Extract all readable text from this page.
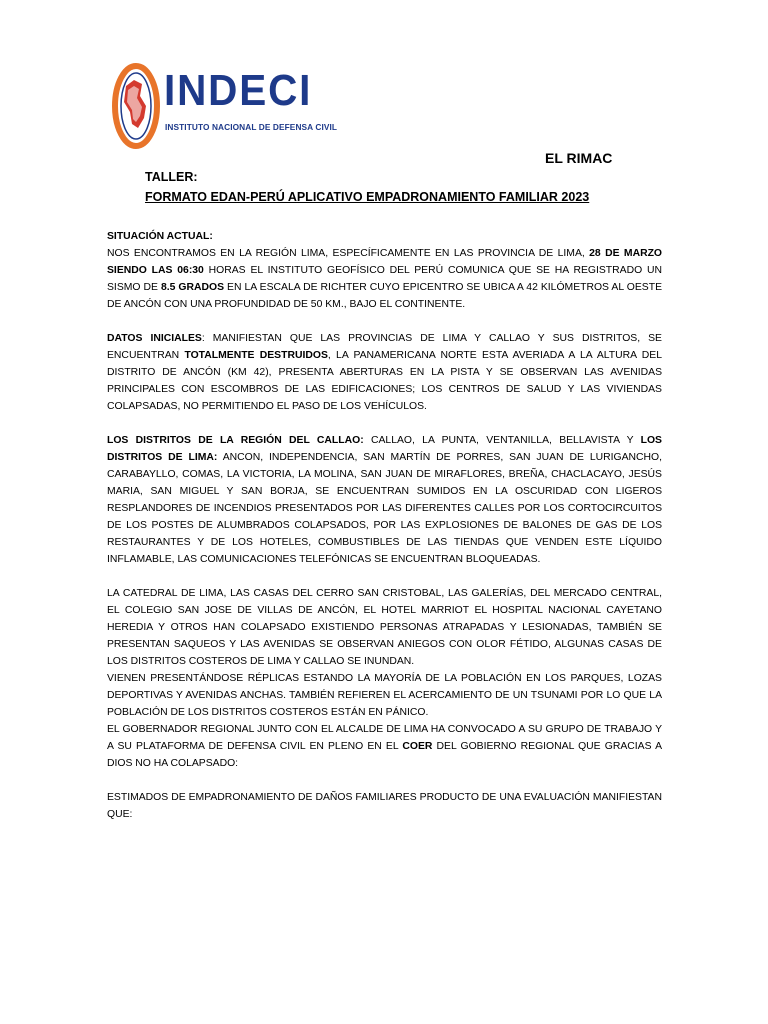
INDECI
INSTITUTO NACIONAL DE DEFENSA CIVIL
EL RIMAC
TALLER:
FORMATO EDAN-PERÚ APLICATIVO EMPADRONAMIENTO FAMILIAR 2023

SITUACIÓN ACTUAL:

NOS ENCONTRAMOS EN LA REGIÓN LIMA, ESPECÍFICAMENTE EN LAS PROVINCIA DE LIMA, 28 DE MARZO SIENDO LAS 06:30 HORAS EL INSTITUTO GEOFÍSICO DEL PERÚ COMUNICA QUE SE HA REGISTRADO UN SISMO DE 8.5 GRADOS EN LA ESCALA DE RICHTER CUYO EPICENTRO SE UBICA A 42 KILÓMETROS AL OESTE DE ANCÓN CON UNA PROFUNDIDAD DE 50 KM., BAJO EL CONTINENTE.

DATOS INICIALES: MANIFIESTAN QUE LAS PROVINCIAS DE LIMA Y CALLAO Y SUS DISTRITOS, SE ENCUENTRAN TOTALMENTE DESTRUIDOS, LA PANAMERICANA NORTE ESTA AVERIADA A LA ALTURA DEL DISTRITO DE ANCÓN (KM 42), PRESENTA ABERTURAS EN LA PISTA Y SE OBSERVAN LAS AVENIDAS PRINCIPALES CON ESCOMBROS DE LAS EDIFICACIONES; LOS CENTROS DE SALUD Y LAS VIVIENDAS COLAPSADAS, NO PERMITIENDO EL PASO DE LOS VEHÍCULOS.

LOS DISTRITOS DE LA REGIÓN DEL CALLAO: CALLAO, LA PUNTA, VENTANILLA, BELLAVISTA Y LOS DISTRITOS DE LIMA: ANCON, INDEPENDENCIA, SAN MARTÍN DE PORRES, SAN JUAN DE LURIGANCHO, CARABAYLLO, COMAS, LA VICTORIA, LA MOLINA, SAN JUAN DE MIRAFLORES, BREÑA, CHACLACAYO, JESÚS MARIA, SAN MIGUEL Y SAN BORJA, SE ENCUENTRAN SUMIDOS EN LA OSCURIDAD CON LIGEROS RESPLANDORES DE INCENDIOS PRESENTADOS POR LAS DIFERENTES CALLES POR LOS CORTOCIRCUITOS DE LOS POSTES DE ALUMBRADOS COLAPSADOS, POR LAS EXPLOSIONES DE BALONES DE GAS DE LOS RESTAURANTES Y DE LOS HOTELES, COMBUSTIBLES DE LAS TIENDAS QUE VENDEN ESTE LÍQUIDO INFLAMABLE, LAS COMUNICACIONES TELEFÓNICAS SE ENCUENTRAN BLOQUEADAS.

LA CATEDRAL DE LIMA, LAS CASAS DEL CERRO SAN CRISTOBAL, LAS GALERÍAS, DEL MERCADO CENTRAL, EL COLEGIO SAN JOSE DE VILLAS DE ANCÓN, EL HOTEL MARRIOT EL HOSPITAL NACIONAL CAYETANO HEREDIA Y OTROS HAN COLAPSADO EXISTIENDO PERSONAS ATRAPADAS Y LESIONADAS, TAMBIÉN SE PRESENTAN SAQUEOS Y LAS AVENIDAS SE OBSERVAN ANIEGOS CON OLOR FÉTIDO, ALGUNAS CASAS DE LOS DISTRITOS COSTEROS DE LIMA Y CALLAO SE INUNDAN.

VIENEN PRESENTÁNDOSE RÉPLICAS ESTANDO LA MAYORÍA DE LA POBLACIÓN EN LOS PARQUES, LOZAS DEPORTIVAS Y AVENIDAS ANCHAS. TAMBIÉN REFIEREN EL ACERCAMIENTO DE UN TSUNAMI POR LO QUE LA POBLACIÓN DE LOS DISTRITOS COSTEROS ESTÁN EN PÁNICO.

EL GOBERNADOR REGIONAL JUNTO CON EL ALCALDE DE LIMA HA CONVOCADO A SU GRUPO DE TRABAJO Y A SU PLATAFORMA DE DEFENSA CIVIL EN PLENO EN EL COER DEL GOBIERNO REGIONAL QUE GRACIAS A DIOS NO HA COLAPSADO:

ESTIMADOS DE EMPADRONAMIENTO DE DAÑOS FAMILIARES PRODUCTO DE UNA EVALUACIÓN MANIFIESTAN QUE:
